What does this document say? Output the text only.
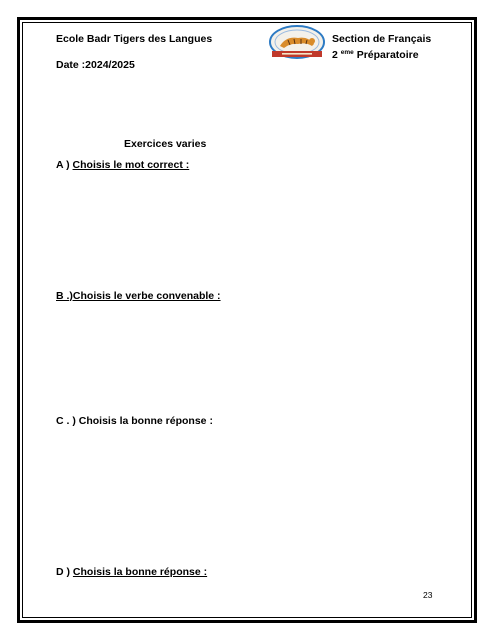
Ecole Badr Tigers des Langues
Date :2024/2025
Section de Français
2 $^{eme}$ Préparatoire
Exercices varies
A ) Choisis le mot correct :
B .)Choisis le verbe convenable :
C . ) Choisis la bonne réponse :
D ) Choisis la bonne réponse :
23
